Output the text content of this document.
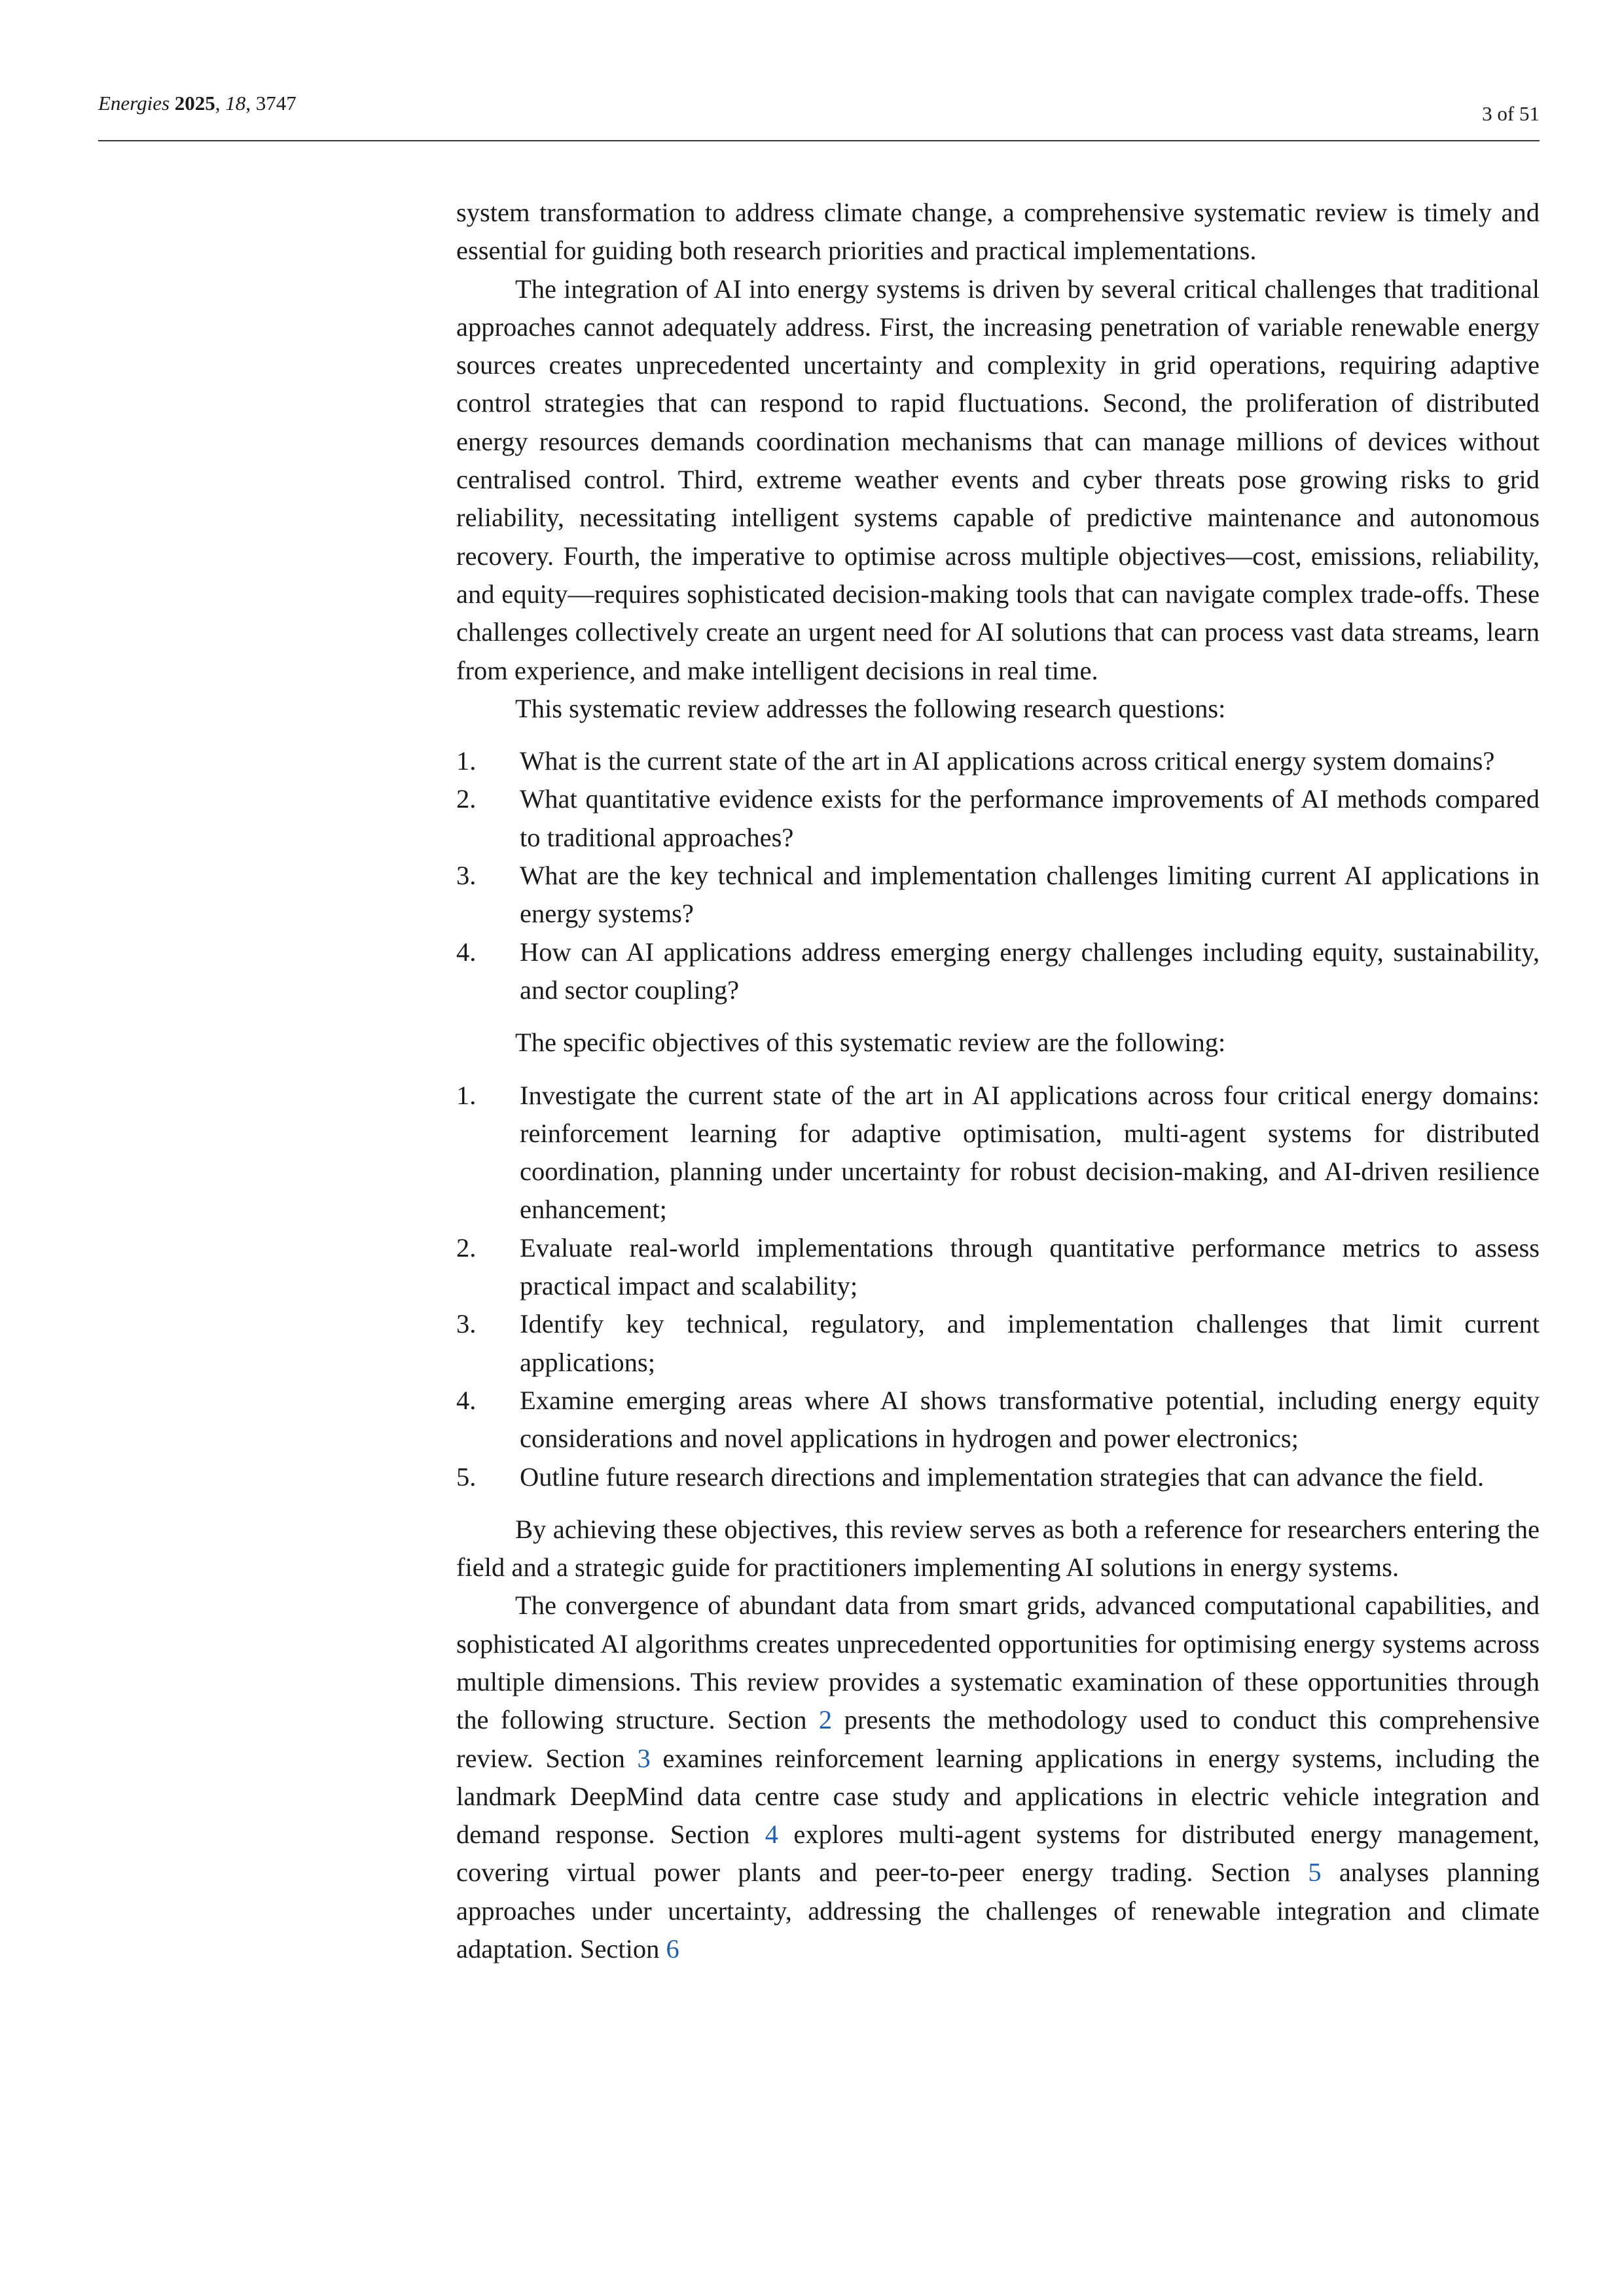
Energies 2025, 18, 3747	3 of 51

system transformation to address climate change, a comprehensive systematic review is timely and essential for guiding both research priorities and practical implementations.

The integration of AI into energy systems is driven by several critical challenges that traditional approaches cannot adequately address. First, the increasing penetration of variable renewable energy sources creates unprecedented uncertainty and complexity in grid operations, requiring adaptive control strategies that can respond to rapid fluctuations. Second, the proliferation of distributed energy resources demands coordination mechanisms that can manage millions of devices without centralised control. Third, extreme weather events and cyber threats pose growing risks to grid reliability, necessitating intelligent systems capable of predictive maintenance and autonomous recovery. Fourth, the imperative to optimise across multiple objectives—cost, emissions, reliability, and equity—requires sophisticated decision-making tools that can navigate complex trade-offs. These challenges collectively create an urgent need for AI solutions that can process vast data streams, learn from experience, and make intelligent decisions in real time.

This systematic review addresses the following research questions:

1. What is the current state of the art in AI applications across critical energy system domains?
2. What quantitative evidence exists for the performance improvements of AI methods compared to traditional approaches?
3. What are the key technical and implementation challenges limiting current AI applications in energy systems?
4. How can AI applications address emerging energy challenges including equity, sustainability, and sector coupling?

The specific objectives of this systematic review are the following:

1. Investigate the current state of the art in AI applications across four critical energy domains: reinforcement learning for adaptive optimisation, multi-agent systems for distributed coordination, planning under uncertainty for robust decision-making, and AI-driven resilience enhancement;
2. Evaluate real-world implementations through quantitative performance metrics to assess practical impact and scalability;
3. Identify key technical, regulatory, and implementation challenges that limit current applications;
4. Examine emerging areas where AI shows transformative potential, including energy equity considerations and novel applications in hydrogen and power electronics;
5. Outline future research directions and implementation strategies that can advance the field.

By achieving these objectives, this review serves as both a reference for researchers entering the field and a strategic guide for practitioners implementing AI solutions in energy systems.

The convergence of abundant data from smart grids, advanced computational capabilities, and sophisticated AI algorithms creates unprecedented opportunities for optimising energy systems across multiple dimensions. This review provides a systematic examination of these opportunities through the following structure. Section 2 presents the methodology used to conduct this comprehensive review. Section 3 examines reinforcement learning applications in energy systems, including the landmark DeepMind data centre case study and applications in electric vehicle integration and demand response. Section 4 explores multi-agent systems for distributed energy management, covering virtual power plants and peer-to-peer energy trading. Section 5 analyses planning approaches under uncertainty, addressing the challenges of renewable integration and climate adaptation. Section 6
